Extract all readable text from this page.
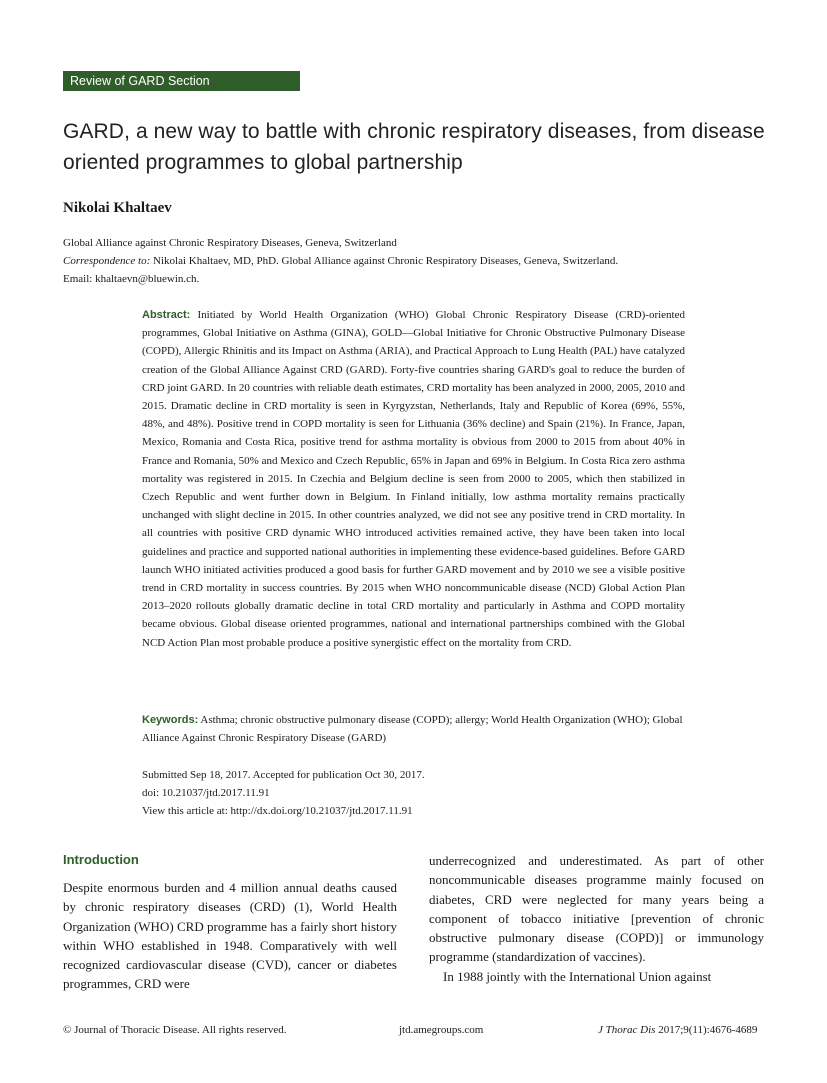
Review of GARD Section
GARD, a new way to battle with chronic respiratory diseases, from disease oriented programmes to global partnership
Nikolai Khaltaev
Global Alliance against Chronic Respiratory Diseases, Geneva, Switzerland
Correspondence to: Nikolai Khaltaev, MD, PhD. Global Alliance against Chronic Respiratory Diseases, Geneva, Switzerland.
Email: khaltaevn@bluewin.ch.

Abstract: Initiated by World Health Organization (WHO) Global Chronic Respiratory Disease (CRD)-oriented programmes, Global Initiative on Asthma (GINA), GOLD—Global Initiative for Chronic Obstructive Pulmonary Disease (COPD), Allergic Rhinitis and its Impact on Asthma (ARIA), and Practical Approach to Lung Health (PAL) have catalyzed creation of the Global Alliance Against CRD (GARD). Forty-five countries sharing GARD's goal to reduce the burden of CRD joint GARD. In 20 countries with reliable death estimates, CRD mortality has been analyzed in 2000, 2005, 2010 and 2015. Dramatic decline in CRD mortality is seen in Kyrgyzstan, Netherlands, Italy and Republic of Korea (69%, 55%, 48%, and 48%). Positive trend in COPD mortality is seen for Lithuania (36% decline) and Spain (21%). In France, Japan, Mexico, Romania and Costa Rica, positive trend for asthma mortality is obvious from 2000 to 2015 from about 40% in France and Romania, 50% and Mexico and Czech Republic, 65% in Japan and 69% in Belgium. In Costa Rica zero asthma mortality was registered in 2015. In Czechia and Belgium decline is seen from 2000 to 2005, which then stabilized in Czech Republic and went further down in Belgium. In Finland initially, low asthma mortality remains practically unchanged with slight decline in 2015. In other countries analyzed, we did not see any positive trend in CRD mortality. In all countries with positive CRD dynamic WHO introduced activities remained active, they have been taken into local guidelines and practice and supported national authorities in implementing these evidence-based guidelines. Before GARD launch WHO initiated activities produced a good basis for further GARD movement and by 2010 we see a visible positive trend in CRD mortality in success countries. By 2015 when WHO noncommunicable disease (NCD) Global Action Plan 2013–2020 rollouts globally dramatic decline in total CRD mortality and particularly in Asthma and COPD mortality became obvious. Global disease oriented programmes, national and international partnerships combined with the Global NCD Action Plan most probable produce a positive synergistic effect on the mortality from CRD.

Keywords: Asthma; chronic obstructive pulmonary disease (COPD); allergy; World Health Organization (WHO); Global Alliance Against Chronic Respiratory Disease (GARD)

Submitted Sep 18, 2017. Accepted for publication Oct 30, 2017.
doi: 10.21037/jtd.2017.11.91
View this article at: http://dx.doi.org/10.21037/jtd.2017.11.91
Introduction

Despite enormous burden and 4 million annual deaths caused by chronic respiratory diseases (CRD) (1), World Health Organization (WHO) CRD programme has a fairly short history within WHO established in 1948. Comparatively with well recognized cardiovascular disease (CVD), cancer or diabetes programmes, CRD were

underrecognized and underestimated. As part of other noncommunicable diseases programme mainly focused on diabetes, CRD were neglected for many years being a component of tobacco initiative [prevention of chronic obstructive pulmonary disease (COPD)] or immunology programme (standardization of vaccines).

In 1988 jointly with the International Union against

© Journal of Thoracic Disease. All rights reserved.	jtd.amegroups.com	J Thorac Dis 2017;9(11):4676-4689
